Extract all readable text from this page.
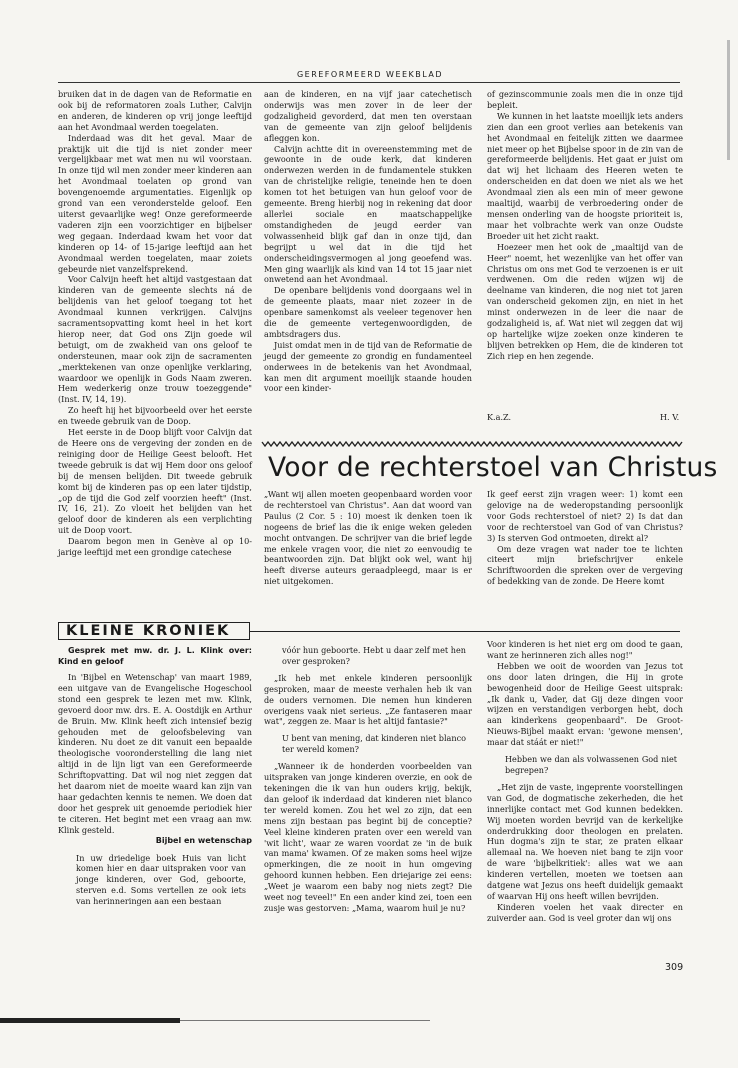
GEREFORMEERD WEEKBLAD

bruiken dat in de dagen van de Reformatie en ook bij de reformatoren zoals Luther, Calvijn en anderen, de kinderen op vrij jonge leeftijd aan het Avondmaal werden toegelaten.

Inderdaad was dit het geval. Maar de praktijk uit die tijd is niet zonder meer vergelijkbaar met wat men nu wil voorstaan. In onze tijd wil men zonder meer kinderen aan het Avondmaal toelaten op grond van bovengenoemde argumentaties. Eigenlijk op grond van een veronderstelde geloof. Een uiterst gevaarlijke weg! Onze gereformeerde vaderen zijn een voorzichtiger en bijbelser weg gegaan. Inderdaad kwam het voor dat kinderen op 14- of 15-jarige leeftijd aan het Avondmaal werden toegelaten, maar zoiets gebeurde niet vanzelfsprekend.

Voor Calvijn heeft het altijd vastgestaan dat kinderen van de gemeente slechts ná de belijdenis van het geloof toegang tot het Avondmaal kunnen verkrijgen. Calvijns sacramentsopvatting komt heel in het kort hierop neer, dat God ons Zijn goede wil betuigt, om de zwakheid van ons geloof te ondersteunen, maar ook zijn de sacramenten „merktekenen van onze openlijke verklaring, waardoor we openlijk in Gods Naam zweren. Hem wederkerig onze trouw toezeggende" (Inst. IV, 14, 19).

Zo heeft hij het bijvoorbeeld over het eerste en tweede gebruik van de Doop.

Het eerste in de Doop blijft voor Calvijn dat de Heere ons de vergeving der zonden en de reiniging door de Heilige Geest belooft. Het tweede gebruik is dat wij Hem door ons geloof bij de mensen belijden. Dit tweede gebruik komt bij de kinderen pas op een later tijdstip, „op de tijd die God zelf voorzien heeft" (Inst. IV, 16, 21). Zo vloeit het belijden van het geloof door de kinderen als een verplichting uit de Doop voort.

Daarom begon men in Genève al op 10-jarige leeftijd met een grondige catechese

aan de kinderen, en na vijf jaar catechetisch onderwijs was men zover in de leer der godzaligheid gevorderd, dat men ten overstaan van de gemeente van zijn geloof belijdenis afleggen kon.

Calvijn achtte dit in overeenstemming met de gewoonte in de oude kerk, dat kinderen onderwezen werden in de fundamentele stukken van de christelijke religie, teneinde hen te doen komen tot het betuigen van hun geloof voor de gemeente. Breng hierbij nog in rekening dat door allerlei sociale en maatschappelijke omstandigheden de jeugd eerder van volwassenheid blijk gaf dan in onze tijd, dan begrijpt u wel dat in die tijd het onderscheidingsvermogen al jong geoefend was. Men ging waarlijk als kind van 14 tot 15 jaar niet onwetend aan het Avondmaal.

De openbare belijdenis vond doorgaans wel in de gemeente plaats, maar niet zozeer in de openbare samenkomst als veeleer tegenover hen die de gemeente vertegenwoordigden, de ambtsdragers dus.

Juist omdat men in de tijd van de Reformatie de jeugd der gemeente zo grondig en fundamenteel onderwees in de betekenis van het Avondmaal, kan men dit argument moeilijk staande houden voor een kinder-

of gezinscommunie zoals men die in onze tijd bepleit.

We kunnen in het laatste moeilijk iets anders zien dan een groot verlies aan betekenis van het Avondmaal en feitelijk zitten we daarmee niet meer op het Bijbelse spoor in de zin van de gereformeerde belijdenis. Het gaat er juist om dat wij het lichaam des Heeren weten te onderscheiden en dat doen we niet als we het Avondmaal zien als een min of meer gewone maaltijd, waarbij de verbroedering onder de mensen onderling van de hoogste prioriteit is, maar het volbrachte werk van onze Oudste Broeder uit het zicht raakt.

Hoezeer men het ook de „maaltijd van de Heer" noemt, het wezenlijke van het offer van Christus om ons met God te verzoenen is er uit verdwenen. Om die reden wijzen wij de deelname van kinderen, die nog niet tot jaren van onderscheid gekomen zijn, en niet in het minst onderwezen in de leer die naar de godzaligheid is, af. Wat niet wil zeggen dat wij op hartelijke wijze zoeken onze kinderen te blijven betrekken op Hem, die de kinderen tot Zich riep en hen zegende.

K.a.Z.	H. V.
Voor de rechterstoel van Christus

„Want wij allen moeten geopenbaard worden voor de rechterstoel van Christus". Aan dat woord van Paulus (2 Cor. 5 : 10) moest ik denken toen ik nogeens de brief las die ik enige weken geleden mocht ontvangen. De schrijver van die brief legde me enkele vragen voor, die niet zo eenvoudig te beantwoorden zijn. Dat blijkt ook wel, want hij heeft diverse auteurs geraadpleegd, maar is er niet uitgekomen.

Ik geef eerst zijn vragen weer: 1) komt een gelovige na de wederopstanding persoonlijk voor Gods rechterstoel of niet? 2) Is dat dan voor de rechterstoel van God of van Christus? 3) Is sterven God ontmoeten, direkt al?

Om deze vragen wat nader toe te lichten citeert mijn briefschrijver enkele Schriftwoorden die spreken over de vergeving of bedekking van de zonde. De Heere komt

KLEINE KRONIEK

Gesprek met mw. dr. J. L. Klink over: Kind en geloof

In 'Bijbel en Wetenschap' van maart 1989, een uitgave van de Evangelische Hogeschool stond een gesprek te lezen met mw. Klink, gevoerd door mw. drs. E. A. Oostdijk en Arthur de Bruin. Mw. Klink heeft zich intensief bezig gehouden met de geloofsbeleving van kinderen. Nu doet ze dit vanuit een bepaalde theologische vooronderstelling die lang niet altijd in de lijn ligt van een Gereformeerde Schriftopvatting. Dat wil nog niet zeggen dat het daarom niet de moeite waard kan zijn van haar gedachten kennis te nemen. We doen dat door het gesprek uit genoemde periodiek hier te citeren. Het begint met een vraag aan mw. Klink gesteld.

Bijbel en wetenschap

In uw driedelige boek Huis van licht komen hier en daar uitspraken voor van jonge kinderen, over God, geboorte, sterven e.d. Soms vertellen ze ook iets van herinneringen aan een bestaan

vóór hun geboorte. Hebt u daar zelf met hen over gesproken?

„Ik heb met enkele kinderen persoonlijk gesproken, maar de meeste verhalen heb ik van de ouders vernomen. Die nemen hun kinderen overigens vaak niet serieus. „Ze fantaseren maar wat", zeggen ze. Maar is het altijd fantasie?"

U bent van mening, dat kinderen niet blanco ter wereld komen?

„Wanneer ik de honderden voorbeelden van uitspraken van jonge kinderen overzie, en ook de tekeningen die ik van hun ouders krijg, bekijk, dan geloof ik inderdaad dat kinderen niet blanco ter wereld komen. Zou het wel zo zijn, dat een mens zijn bestaan pas begint bij de conceptie? Veel kleine kinderen praten over een wereld van 'wit licht', waar ze waren voordat ze 'in de buik van mama' kwamen. Of ze maken soms heel wijze opmerkingen, die ze nooit in hun omgeving gehoord kunnen hebben. Een driejarige zei eens: „Weet je waarom een baby nog niets zegt? Die weet nog teveel!" En een ander kind zei, toen een zusje was gestorven: „Mama, waarom huil je nu?

Voor kinderen is het niet erg om dood te gaan, want ze herinneren zich alles nog!"

Hebben we ooit de woorden van Jezus tot ons door laten dringen, die Hij in grote bewogenheid door de Heilige Geest uitsprak: „Ik dank u, Vader, dat Gij deze dingen voor wijzen en verstandigen verborgen hebt, doch aan kinderkens geopenbaard". De Groot-Nieuws-Bijbel maakt ervan: 'gewone mensen', maar dat stáát er niet!"

Hebben we dan als volwassenen God niet begrepen?

„Het zijn de vaste, ingeprente voorstellingen van God, de dogmatische zekerheden, die het innerlijke contact met God kunnen bedekken. Wij moeten worden bevrijd van de kerkelijke onderdrukking door theologen en prelaten. Hun dogma's zijn te star, ze praten elkaar allemaal na. We hoeven niet bang te zijn voor de ware 'bijbelkritiek': alles wat we aan kinderen vertellen, moeten we toetsen aan datgene wat Jezus ons heeft duidelijk gemaakt of waarvan Hij ons heeft willen bevrijden.

Kinderen voelen het vaak directer en zuiverder aan. God is veel groter dan wij ons

309
